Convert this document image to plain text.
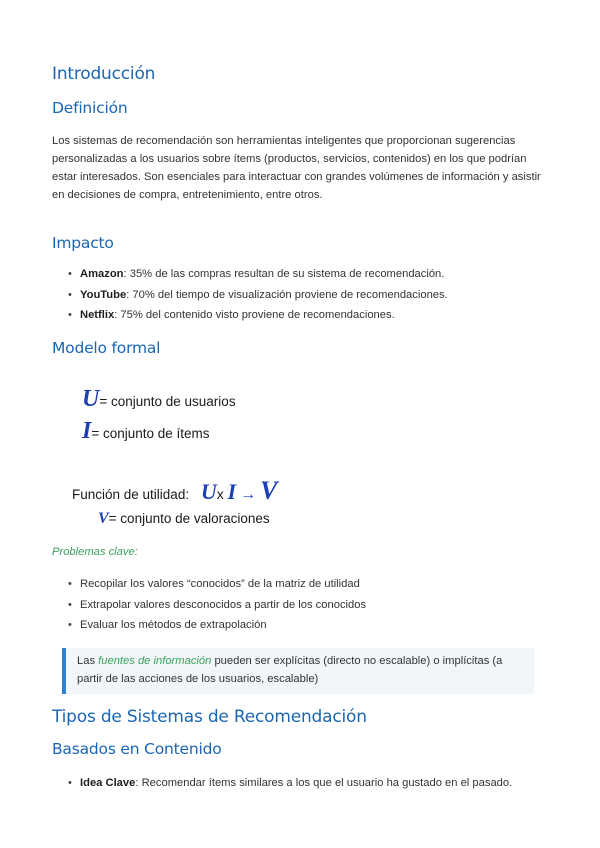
Introducción
Definición

Los sistemas de recomendación son herramientas inteligentes que proporcionan sugerencias personalizadas a los usuarios sobre ítems (productos, servicios, contenidos) en los que podrían estar interesados. Son esenciales para interactuar con grandes volúmenes de información y asistir en decisiones de compra, entretenimiento, entre otros.

Impacto
• Amazon: 35% de las compras resultan de su sistema de recomendación.
• YouTube: 70% del tiempo de visualización proviene de recomendaciones.
• Netflix: 75% del contenido visto proviene de recomendaciones.
Modelo formal
U= conjunto de usuarios
I= conjunto de ítems
Función de utilidad: Ux I → V
V= conjunto de valoraciones
Problemas clave:
• Recopilar los valores “conocidos” de la matriz de utilidad
• Extrapolar valores desconocidos a partir de los conocidos
• Evaluar los métodos de extrapolación
Las fuentes de información pueden ser explícitas (directo no escalable) o implícitas (a partir de las acciones de los usuarios, escalable)
Tipos de Sistemas de Recomendación
Basados en Contenido
• Idea Clave: Recomendar ítems similares a los que el usuario ha gustado en el pasado.
